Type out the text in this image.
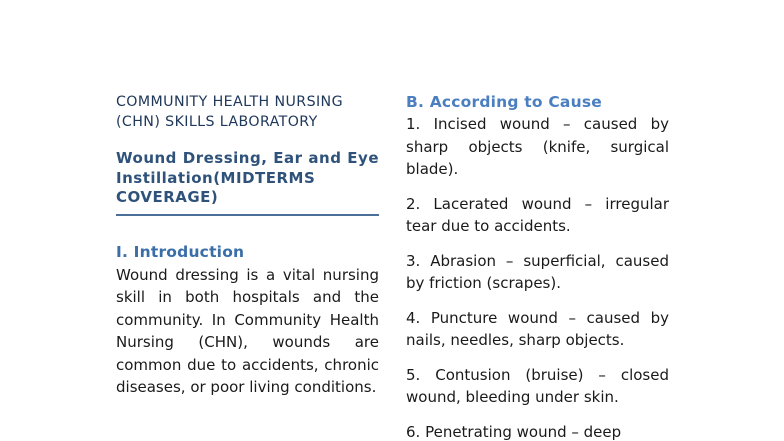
COMMUNITY HEALTH NURSING (CHN) SKILLS LABORATORY

Wound Dressing, Ear and Eye Instillation(MIDTERMS COVERAGE)

I. Introduction

Wound dressing is a vital nursing skill in both hospitals and the community. In Community Health Nursing (CHN), wounds are common due to accidents, chronic diseases, or poor living conditions.

B. According to Cause

1. Incised wound – caused by sharp objects (knife, surgical blade).

2. Lacerated wound – irregular tear due to accidents.

3. Abrasion – superficial, caused by friction (scrapes).

4. Puncture wound – caused by nails, needles, sharp objects.

5. Contusion (bruise) – closed wound, bleeding under skin.

6. Penetrating wound – deep
